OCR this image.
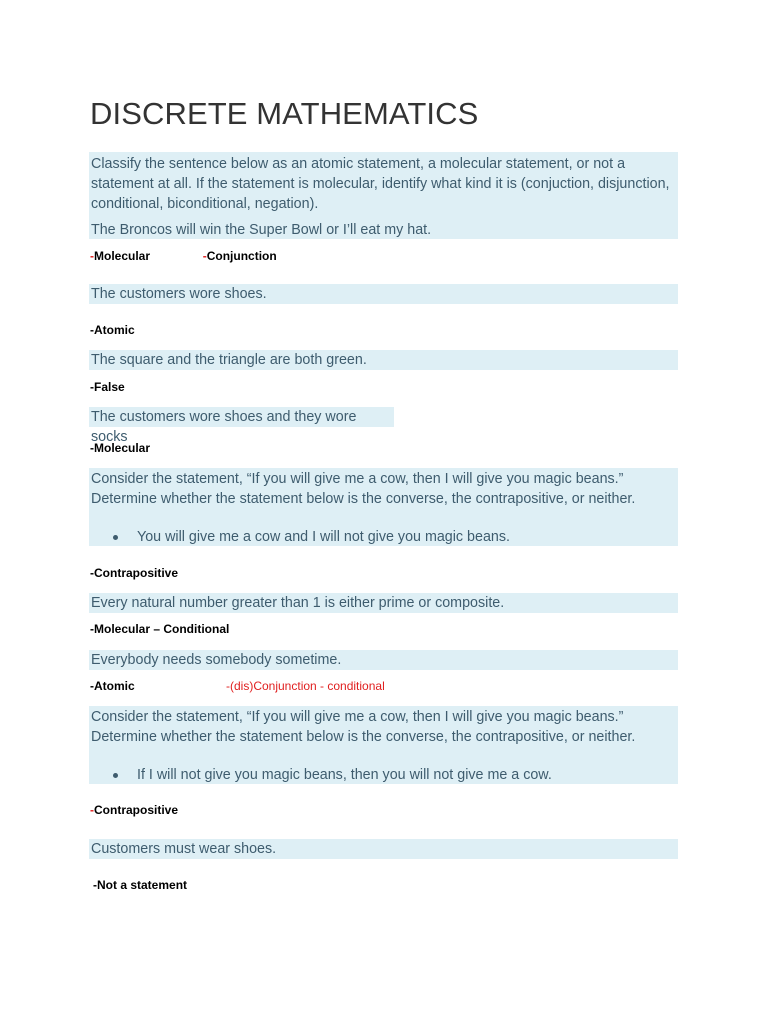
DISCRETE MATHEMATICS

Classify the sentence below as an atomic statement, a molecular statement, or not a statement at all. If the statement is molecular, identify what kind it is (conjuction, disjunction, conditional, biconditional, negation).

The Broncos will win the Super Bowl or I’ll eat my hat.

-Molecular	-Conjunction

The customers wore shoes.

-Atomic

The square and the triangle are both green.

-False

The customers wore shoes and they wore socks

-Molecular

Consider the statement, “If you will give me a cow, then I will give you magic beans.” Determine whether the statement below is the converse, the contrapositive, or neither.

You will give me a cow and I will not give you magic beans.
-Contrapositive

Every natural number greater than 1 is either prime or composite.

-Molecular – Conditional

Everybody needs somebody sometime.

-Atomic	-(dis)Conjunction - conditional

Consider the statement, “If you will give me a cow, then I will give you magic beans.” Determine whether the statement below is the converse, the contrapositive, or neither.

If I will not give you magic beans, then you will not give me a cow.
-Contrapositive

Customers must wear shoes.

-Not a statement
